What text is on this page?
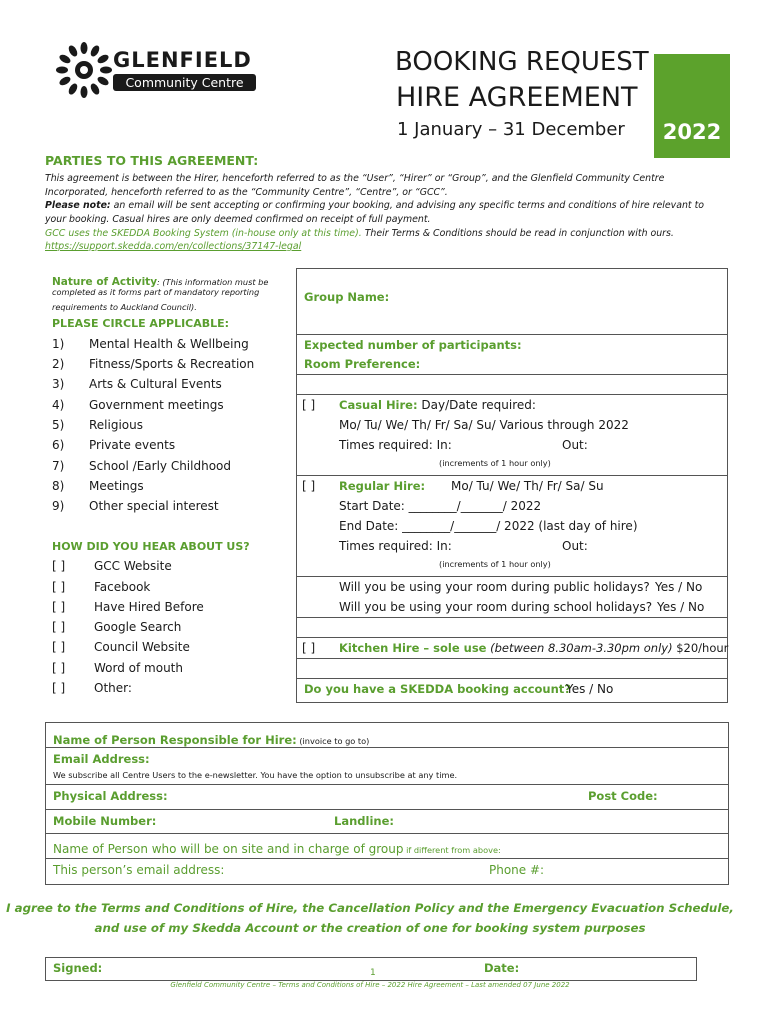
GLENFIELD
Community Centre
BOOKING REQUEST
HIRE AGREEMENT
1 January – 31 December	2022
PARTIES TO THIS AGREEMENT:
This agreement is between the Hirer, henceforth referred to as the “User”, “Hirer” or “Group”, and the Glenfield Community Centre
Incorporated, henceforth referred to as the “Community Centre”, “Centre”, or “GCC”.
Please note: an email will be sent accepting or confirming your booking, and advising any specific terms and conditions of hire relevant to
your booking. Casual hires are only deemed confirmed on receipt of full payment.
GCC uses the SKEDDA Booking System (in-house only at this time). Their Terms & Conditions should be read in conjunction with ours.
https://support.skedda.com/en/collections/37147-legal
Nature of Activity: (This information must be
completed as it forms part of mandatory reporting
requirements to Auckland Council).
PLEASE CIRCLE APPLICABLE:
1) Mental Health & Wellbeing
2) Fitness/Sports & Recreation
3) Arts & Cultural Events
4) Government meetings
5) Religious
6) Private events
7) School /Early Childhood
8) Meetings
9) Other special interest
HOW DID YOU HEAR ABOUT US?
[ ]	GCC Website
[ ]	Facebook
[ ]	Have Hired Before
[ ]	Google Search
[ ]	Council Website
[ ]	Word of mouth
[ ]	Other:
Group Name:
Expected number of participants:
Room Preference:
[ ] Casual Hire: Day/Date required:
Mo/ Tu/ We/ Th/ Fr/ Sa/ Su/ Various through 2022
Times required: In:	Out:
(increments of 1 hour only)
[ ] Regular Hire: Mo/ Tu/ We/ Th/ Fr/ Sa/ Su
Start Date: ________/_______/ 2022
End Date: ________/_______/ 2022 (last day of hire)
Times required: In:	Out:
(increments of 1 hour only)
Will you be using your room during public holidays? Yes / No
Will you be using your room during school holidays? Yes / No
[ ] Kitchen Hire – sole use (between 8.30am-3.30pm only) $20/hour
Do you have a SKEDDA booking account?
Yes / No
Name of Person Responsible for Hire: (invoice to go to)
Email Address:
We subscribe all Centre Users to the e-newsletter. You have the option to unsubscribe at any time.
Physical Address:	Post Code:
Mobile Number:	Landline:
Name of Person who will be on site and in charge of group if different from above:
This person’s email address:	Phone #:
I agree to the Terms and Conditions of Hire, the Cancellation Policy and the Emergency Evacuation Schedule,
and use of my Skedda Account or the creation of one for booking system purposes
Signed:	Date:
1
Glenfield Community Centre – Terms and Conditions of Hire – 2022 Hire Agreement – Last amended 07 June 2022
